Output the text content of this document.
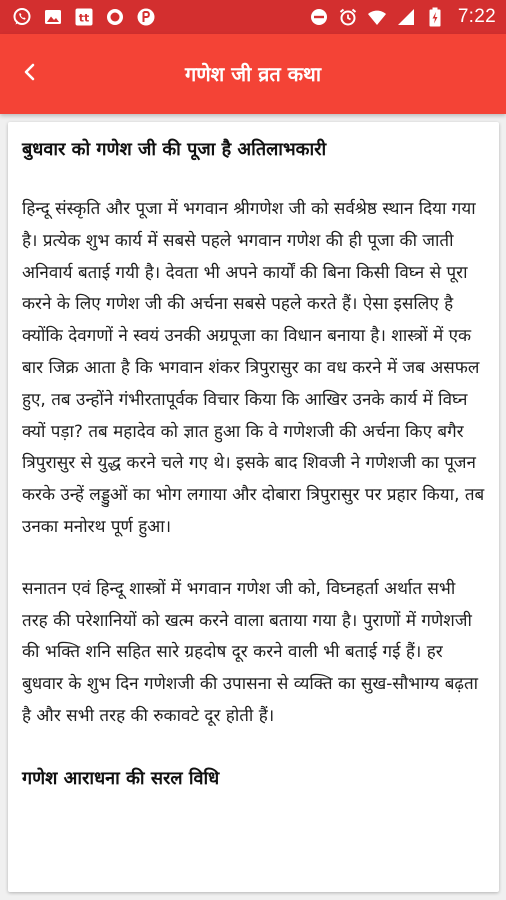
tt	7:22
गणेश जी व्रत कथा
बुधवार को गणेश जी की पूजा है अतिलाभकारी

हिन्दू संस्कृति और पूजा में भगवान श्रीगणेश जी को सर्वश्रेष्ठ स्थान दिया गया है। प्रत्येक शुभ कार्य में सबसे पहले भगवान गणेश की ही पूजा की जाती अनिवार्य बताई गयी है। देवता भी अपने कार्यों की बिना किसी विघ्न से पूरा करने के लिए गणेश जी की अर्चना सबसे पहले करते हैं। ऐसा इसलिए है क्योंकि देवगणों ने स्वयं उनकी अग्रपूजा का विधान बनाया है। शास्त्रों में एक बार जिक्र आता है कि भगवान शंकर त्रिपुरासुर का वध करने में जब असफल हुए, तब उन्होंने गंभीरतापूर्वक विचार किया कि आखिर उनके कार्य में विघ्न क्यों पड़ा? तब महादेव को ज्ञात हुआ कि वे गणेशजी की अर्चना किए बगैर त्रिपुरासुर से युद्ध करने चले गए थे। इसके बाद शिवजी ने गणेशजी का पूजन करके उन्हें लड्डुओं का भोग लगाया और दोबारा त्रिपुरासुर पर प्रहार किया, तब उनका मनोरथ पूर्ण हुआ।

सनातन एवं हिन्दू शास्त्रों में भगवान गणेश जी को, विघ्नहर्ता अर्थात सभी तरह की परेशानियों को खत्म करने वाला बताया गया है। पुराणों में गणेशजी की भक्ति शनि सहित सारे ग्रहदोष दूर करने वाली भी बताई गई हैं। हर बुधवार के शुभ दिन गणेशजी की उपासना से व्यक्ति का सुख-सौभाग्य बढ़ता है और सभी तरह की रुकावटे दूर होती हैं।

गणेश आराधना की सरल विधि
